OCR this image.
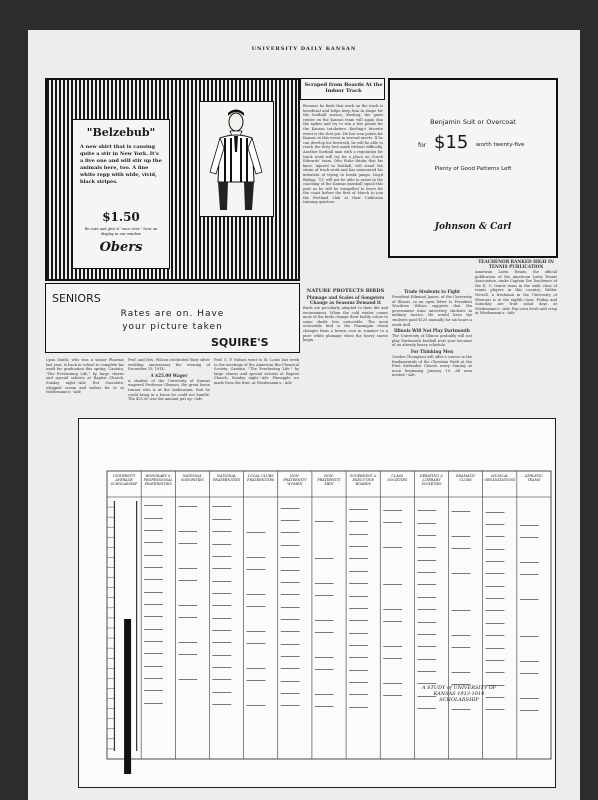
UNIVERSITY DAILY KANSAN
"Belzebub"
A new shirt that is causing quite a stir in New York. It's a live one and will stir up the animals here, too. A fine white repp with wide, vivid, black stripes.
$1.50
Be sure and give it "once over." Now on display in our window
Obers
Scraped from Boards At the Indoor Track
Because he finds that work on the track is beneficial and helps keep him in shape for the football season, Keeling, the giant center on the Kansas team will again don the spikes and try to win a few points for the Kansas tracksters. Keeling's favorite event is the shot put. He has won points for Kansas in this event in several meets. If he can develop his footwork, he will be able to reach the forty foot mark without difficulty. Another football man with a reputation for track work will try for a place on Coach Edwards' team. Otto Fiske thinks that his knee, injured in football, will stand the strain of track work and has announced his intention of trying to break jumps. Lloyd Bishop, '13, will not be able to assist in the coaching of the Kansas baseball squad this year as he will be compelled to leave for the coast before the first of March to join the Portland club at their California training quarters.
Benjamin Suit or Overcoat
for $15 worth twenty-five
Plenty of Good Patterns Left
Johnson & Carl
SENIORS
Rates are on. Have
your picture taken
SQUIRE'S
NATURE PROTECTS BIRDS
Plumage and Scales of Songsters Change as Seasons Demand It

Birds are peculiarly adapted to their life and environment. When the cold winter comes most of the birds change their bodily colors to some shade less noticeable. The most noticeable bird is the Ptarmigan which changes from a brown coat in summer to a pure white plumage when the heavy snows begin.

Trade Students to Fight

President Edmund James, of the University of Illinois, in an open letter to President Woodrow Wilson suggests that the government train university students in military tactics. He would have the students paid $120 annually for six hours a week drill.

Illinois Will Not Play Dartmouth

The University of Illinois probably will not play Dartmouth football next year because of an already heavy schedule.

For Thinking Men

Gordon Thompson will offer a course in the fundamentals of the Christian Faith at the First Methodist Church every Sunday at noon beginning January 10. All men invited.--Adv.

TEACHENOR RANKED HIGH IN TENNIS PUBLICATION

American Lawn Tennis, the official publication of the American Lawn Tennis Association, ranks Captain Dix Teachenor of the K. U. tennis team in the sixth class of tennis players in this country. Walter Newell, a freshman in the University of Missouri is in the eighth class. Friday and Saturday are fruit salad days at Wiedemann's.--Adv. Pop-corn fresh and crisp at Wiedemann's.--Adv.

Lynn Smith, who was a senior Pharmic last year, is back in school to complete his work for graduation this spring. Cantata, "The Everlasting Life," by large chorus and special soloists at Baptist Church, Sunday night.--Adv. Hot chocolate, whipped cream and wafers for 5c at Wiedemann's.--Adv.

Prof. and Mrs. Wilcox celebrated their silver wedding anniversary the evening of December 19, 1914.

A $25.00 Wager

A student of the University of Kansas wagered Professor Gleason, the great horse trainer who is at the Auditorium, that he could bring in a horse he could not handle. The $25.00 was the amount put up.--Adv.

Prof. C. F. Nelson went to St. Louis last week to the meetings of the American Bio-Chemical Society. Cantata, "The Everlasting Life," by large chorus and special soloists at Baptist Church, Sunday night.--Adv. Pineapple ice made from the fruit, at Wiedemann's.--Adv.
UNIVERSITY AVERAGE SCHOLARSHIP
HONORARY & PROFESSIONAL FRATERNITIES
NATIONAL SORORITIES
NATIONAL FRATERNITIES
LOCAL CLUBS FRATERNITIES
NON-FRATERNITY WOMEN
NON-FRATERNITY MEN
GOVERNING & EXECUTIVE BOARDS
CLASS SOCIETIES
DEBATING & LITERARY SOCIETIES
DRAMATIC CLUBS
MUSICAL ORGANIZATIONS
ATHLETIC TEAMS
A STUDY of UNIVERSITY OF KANSAS 1913-1914 SCHOLARSHIP
